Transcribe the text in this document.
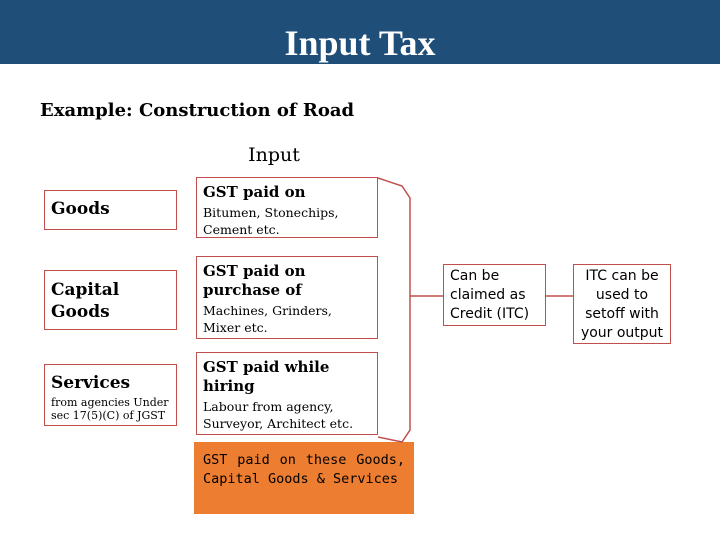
Input Tax
Example: Construction of Road
Input
Goods
GST paid on
Bitumen, Stonechips, Cement etc.
Capital Goods
GST paid on purchase of
Machines, Grinders, Mixer etc.
Services
from agencies Under sec 17(5)(C) of JGST
GST paid while hiring
Labour from agency, Surveyor, Architect etc.
GST paid on these Goods, Capital Goods & Services
Can be claimed as Credit (ITC)
ITC can be used to setoff with your output
